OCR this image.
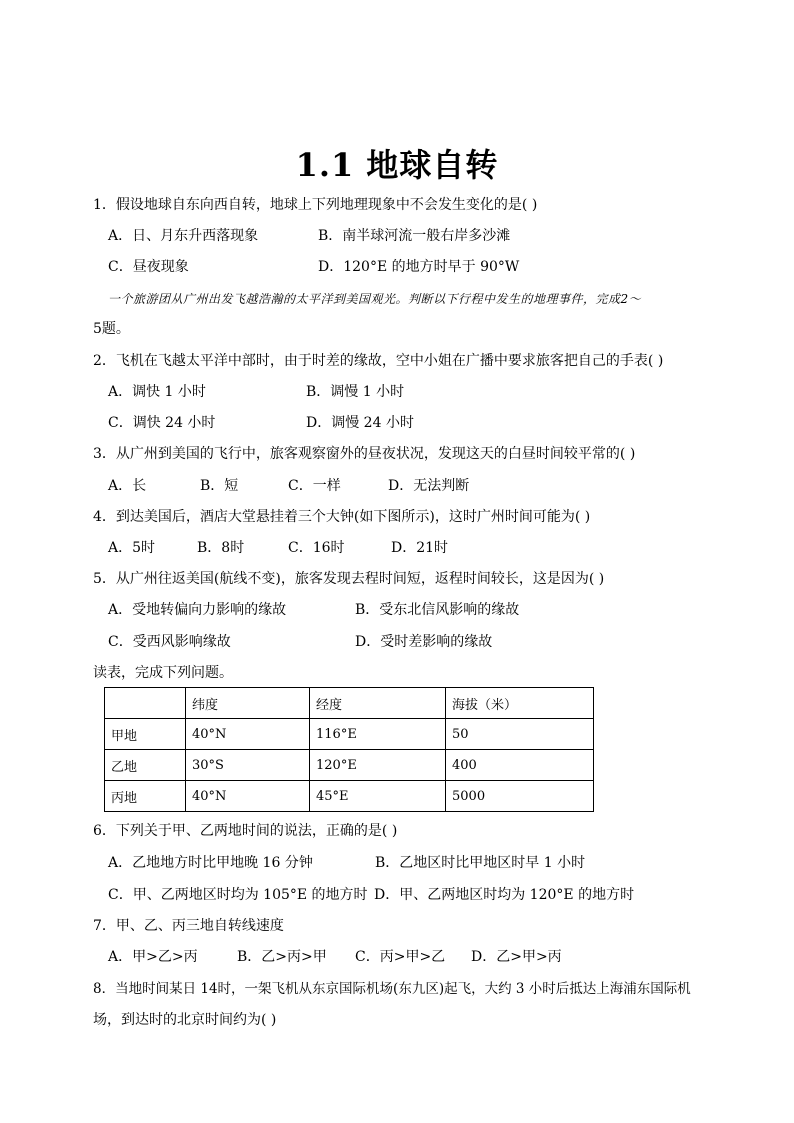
1.1 地球自转
1．假设地球自东向西自转，地球上下列地理现象中不会发生变化的是( )
A．日、月东升西落现象	B．南半球河流一般右岸多沙滩
C．昼夜现象	D．120°E 的地方时早于 90°W
一个旅游团从广州出发飞越浩瀚的太平洋到美国观光。判断以下行程中发生的地理事件，完成2～
5题。
2．飞机在飞越太平洋中部时，由于时差的缘故，空中小姐在广播中要求旅客把自己的手表( )
A．调快 1 小时	B．调慢 1 小时
C．调快 24 小时	D．调慢 24 小时
3．从广州到美国的飞行中，旅客观察窗外的昼夜状况，发现这天的白昼时间较平常的( )
A．长	B．短	C．一样	D．无法判断
4．到达美国后，酒店大堂悬挂着三个大钟(如下图所示)，这时广州时间可能为( )
A．5时	B．8时	C．16时	D．21时
5．从广州往返美国(航线不变)，旅客发现去程时间短，返程时间较长，这是因为( )
A．受地转偏向力影响的缘故	B．受东北信风影响的缘故
C．受西风影响缘故	D．受时差影响的缘故
读表，完成下列问题。
	纬度	经度	海拔（米）
甲地	40°N	116°E	50
乙地	30°S	120°E	400
丙地	40°N	45°E	5000
6．下列关于甲、乙两地时间的说法，正确的是( )
A．乙地地方时比甲地晚 16 分钟	B．乙地区时比甲地区时早 1 小时
C．甲、乙两地区时均为 105°E 的地方时 D．甲、乙两地区时均为 120°E 的地方时
7．甲、乙、丙三地自转线速度
A．甲>乙>丙	B．乙>丙>甲 C．丙>甲>乙 D．乙>甲>丙
8．当地时间某日 14时，一架飞机从东京国际机场(东九区)起飞，大约 3 小时后抵达上海浦东国际机
场，到达时的北京时间约为( )
